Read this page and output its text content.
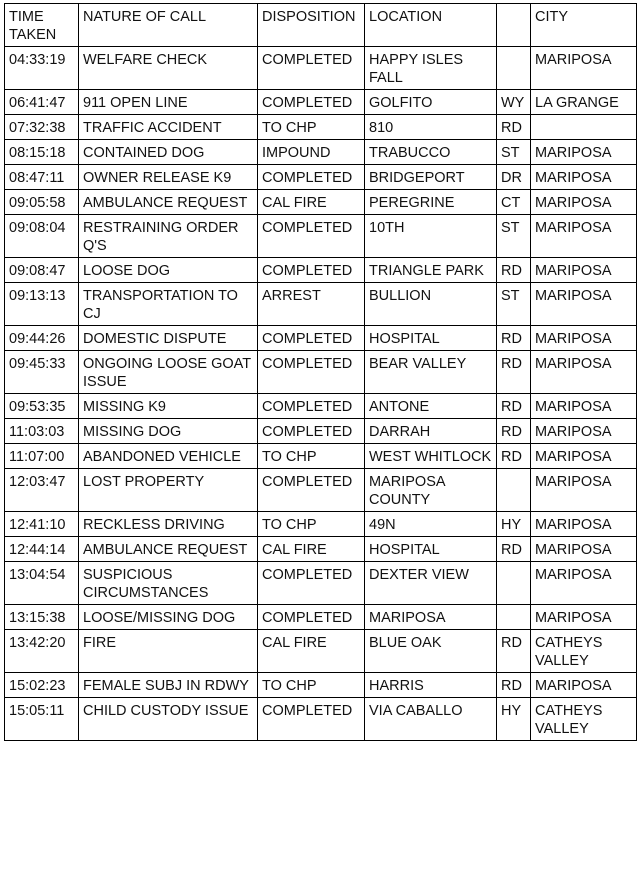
TIME TAKEN	NATURE OF CALL	DISPOSITION	LOCATION		CITY
04:33:19	WELFARE CHECK	COMPLETED	HAPPY ISLES FALL		MARIPOSA
06:41:47	911 OPEN LINE	COMPLETED	GOLFITO	WY	LA GRANGE
07:32:38	TRAFFIC ACCIDENT	TO CHP	810	RD	
08:15:18	CONTAINED DOG	IMPOUND	TRABUCCO	ST	MARIPOSA
08:47:11	OWNER RELEASE K9	COMPLETED	BRIDGEPORT	DR	MARIPOSA
09:05:58	AMBULANCE REQUEST	CAL FIRE	PEREGRINE	CT	MARIPOSA
09:08:04	RESTRAINING ORDER Q'S	COMPLETED	10TH	ST	MARIPOSA
09:08:47	LOOSE DOG	COMPLETED	TRIANGLE PARK	RD	MARIPOSA
09:13:13	TRANSPORTATION TO CJ	ARREST	BULLION	ST	MARIPOSA
09:44:26	DOMESTIC DISPUTE	COMPLETED	HOSPITAL	RD	MARIPOSA
09:45:33	ONGOING LOOSE GOAT ISSUE	COMPLETED	BEAR VALLEY	RD	MARIPOSA
09:53:35	MISSING K9	COMPLETED	ANTONE	RD	MARIPOSA
11:03:03	MISSING DOG	COMPLETED	DARRAH	RD	MARIPOSA
11:07:00	ABANDONED VEHICLE	TO CHP	WEST WHITLOCK	RD	MARIPOSA
12:03:47	LOST PROPERTY	COMPLETED	MARIPOSA COUNTY		MARIPOSA
12:41:10	RECKLESS DRIVING	TO CHP	49N	HY	MARIPOSA
12:44:14	AMBULANCE REQUEST	CAL FIRE	HOSPITAL	RD	MARIPOSA
13:04:54	SUSPICIOUS CIRCUMSTANCES	COMPLETED	DEXTER VIEW		MARIPOSA
13:15:38	LOOSE/MISSING DOG	COMPLETED	MARIPOSA		MARIPOSA
13:42:20	FIRE	CAL FIRE	BLUE OAK	RD	CATHEYS VALLEY
15:02:23	FEMALE SUBJ IN RDWY	TO CHP	HARRIS	RD	MARIPOSA
15:05:11	CHILD CUSTODY ISSUE	COMPLETED	VIA CABALLO	HY	CATHEYS VALLEY
